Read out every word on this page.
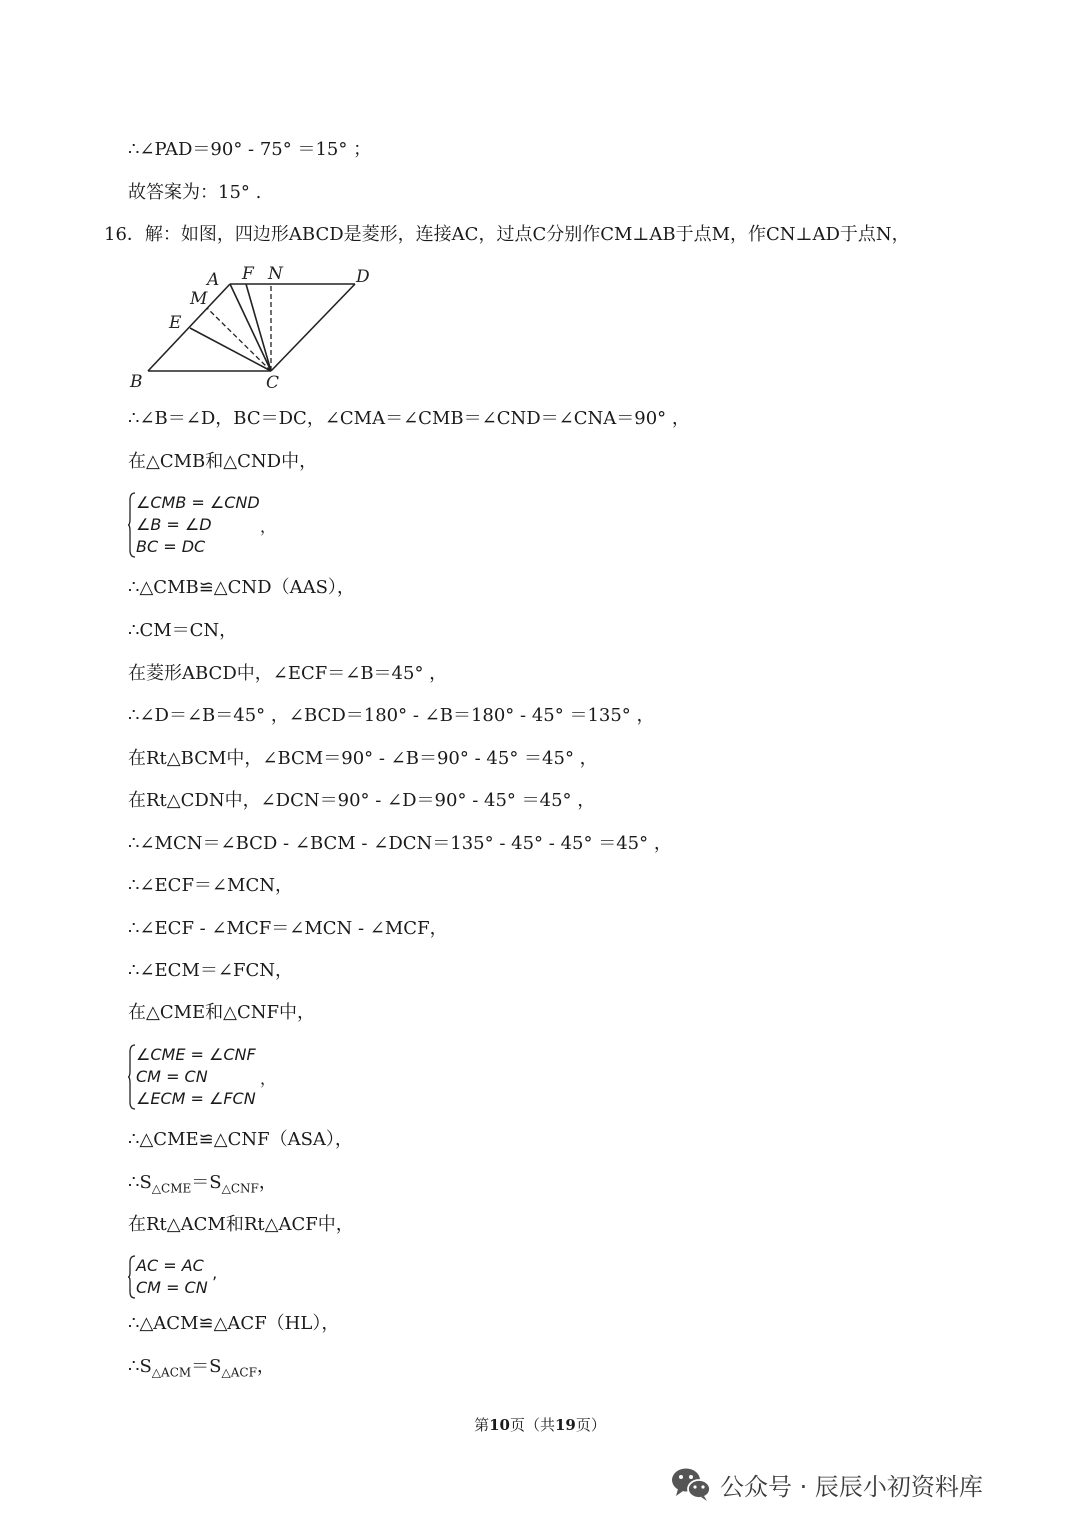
∴∠PAD＝90° ‐ 75° ＝15° ；
故答案为：15° .
16．解：如图，四边形ABCD是菱形，连接AC，过点C分别作CM⊥AB于点M，作CN⊥AD于点N，
A F N	D
M
E
B	C
∴∠B＝∠D，BC＝DC，∠CMA＝∠CMB＝∠CND＝∠CNA＝90° ，
在△CMB和△CND中，
∠CMB = ∠CND
∠B = ∠D
BC = DC
，
∴△CMB≌△CND（AAS），
∴CM＝CN，
在菱形ABCD中，∠ECF＝∠B＝45° ，
∴∠D＝∠B＝45° ，∠BCD＝180° ‐ ∠B＝180° ‐ 45° ＝135° ，
在Rt△BCM中，∠BCM＝90° ‐ ∠B＝90° ‐ 45° ＝45° ，
在Rt△CDN中，∠DCN＝90° ‐ ∠D＝90° ‐ 45° ＝45° ，
∴∠MCN＝∠BCD ‐ ∠BCM ‐ ∠DCN＝135° ‐ 45° ‐ 45° ＝45° ，
∴∠ECF＝∠MCN，
∴∠ECF ‐ ∠MCF＝∠MCN ‐ ∠MCF，
∴∠ECM＝∠FCN，
在△CME和△CNF中，
∠CME = ∠CNF
CM = CN
∠ECM = ∠FCN
，
∴△CME≌△CNF（ASA），
$\therefore S_{\triangle CME}=S_{\triangle CNF}$，
在Rt△ACM和Rt△ACF中，
AC = AC
CM = CN ’
∴△ACM≌△ACF（HL），
$\therefore S_{\triangle ACM}=S_{\triangle ACF}$，
第10页（共19页）
公众号 · 辰辰小初资料库
